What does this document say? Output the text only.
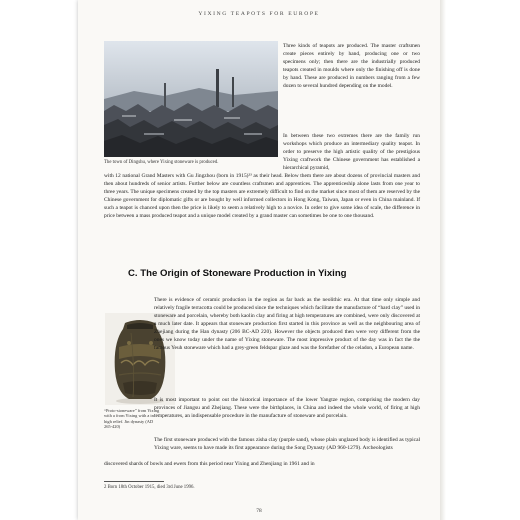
YIXING TEAPOTS FOR EUROPE
The town of Dingshu, where Yixing stoneware is produced.

Three kinds of teapots are produced. The master craftsmen create pieces entirely by hand, producing one or two specimens only; then there are the industrially produced teapots created in moulds where only the finishing off is done by hand. These are produced in numbers ranging from a few dozen to several hundred depending on the model.

In between these two extremes there are the family run workshops which produce an intermediary quality teapot. In order to preserve the high artistic quality of the prestigious Yixing craftwork the Chinese government has established a hierarchical pyramid,

with 12 national Grand Masters with Gu Jingzhou (born in 1915)²³ as their head. Below them there are about dozens of provincial masters and then about hundreds of senior artists. Further below are countless craftsmen and apprentices. The apprenticeship alone lasts from one year to three years. The unique specimens created by the top masters are extremely difficult to find on the market since most of them are reserved by the Chinese government for diplomatic gifts or are bought by well informed collectors in Hong Kong, Taiwan, Japan or even in China mainland. If such a teapot is chanced upon then the price is likely to seem a relatively high to a novice. In order to give some idea of scale, the difference in price between a mass produced teapot and a unique model created by a grand master can sometimes be one to one thousand.

C. The Origin of Stoneware Production in Yixing
“Proto-stoneware” from Yixing with a from Yixing with a in high relief. Jin dynasty (AD 265-420)

There is evidence of ceramic production in the region as far back as the neolithic era. At that time only simple and relatively fragile terracotta could be produced since the techniques which facilitate the manufacture of “hard clay” used in stoneware and porcelain, whereby both kaolin clay and firing at high temperatures are combined, were only discovered at a much later date. It appears that stoneware production first started in this province as well as the neighbouring area of Zhejiang during the Han dynasty (206 BC-AD 220). However the objects produced then were very different from the ones we know today under the name of Yixing stoneware. The most impressive product of the day was in fact the the famous Yeuh stoneware which had a grey-green feldspar glaze and was the forefather of the celadon, a European name.

It is most important to point out the historical importance of the lower Yangtze region, comprising the modern day provinces of Jiangsu and Zhejiang. These were the birthplaces, in China and indeed the whole world, of firing at high temperatures, an indispensable procedure in the manufacture of stoneware and porcelain.

The first stoneware produced with the famous zisha clay (purple sand), whose plain unglazed body is identified as typical Yixing ware, seems to have made its first appearance during the Song Dynasty (AD 960-1279). Archeologists

discovered shards of bowls and ewers from this period near Yixing and Zhenjiang in 1961 and in

2 Born 18th October 1915, died 3rd June 1996.
78
